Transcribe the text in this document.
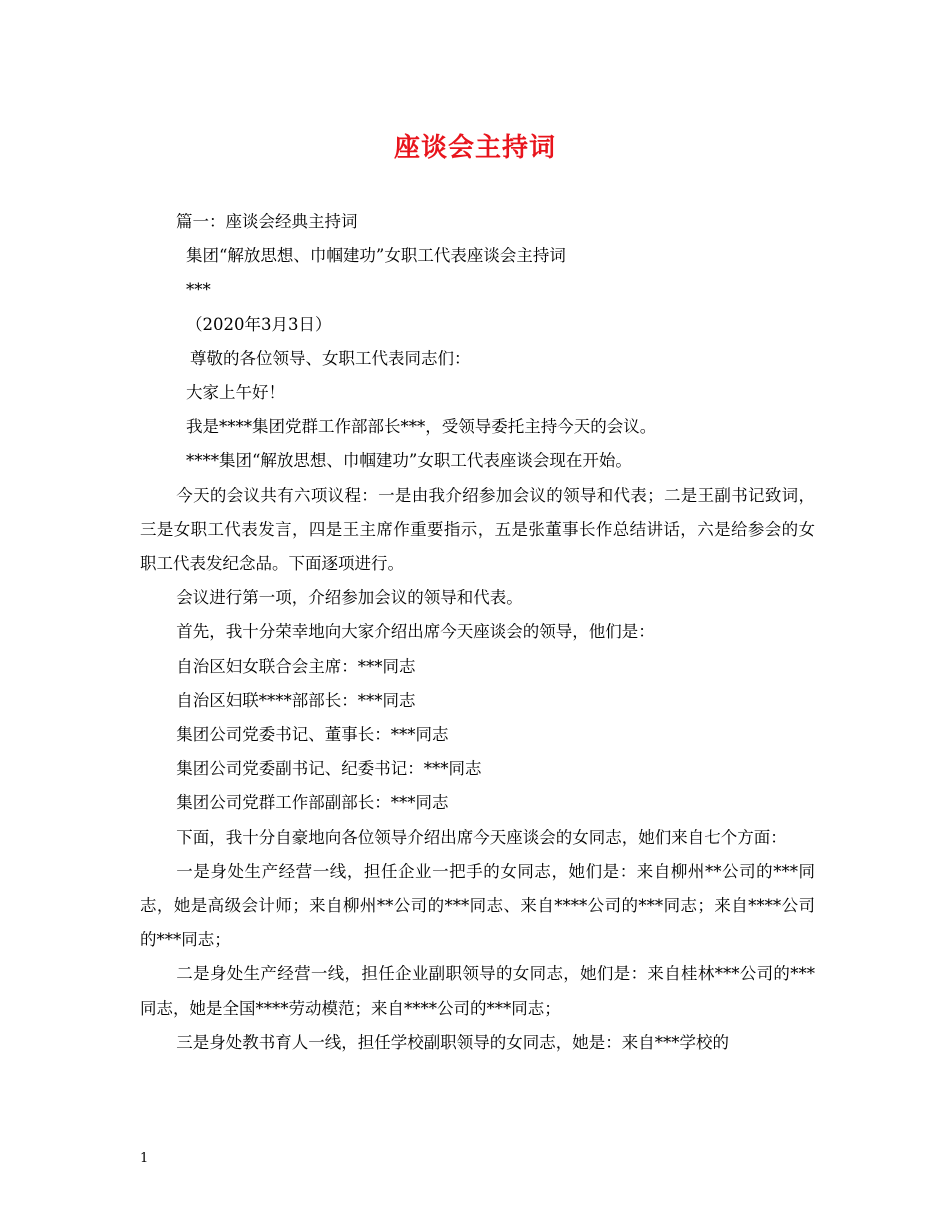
座谈会主持词

篇一：座谈会经典主持词

集团“解放思想、巾帼建功”女职工代表座谈会主持词

***

（2020年3月3日）

尊敬的各位领导、女职工代表同志们：

大家上午好！

我是****集团党群工作部部长***，受领导委托主持今天的会议。

****集团“解放思想、巾帼建功”女职工代表座谈会现在开始。

今天的会议共有六项议程：一是由我介绍参加会议的领导和代表；二是王副书记致词，三是女职工代表发言，四是王主席作重要指示，五是张董事长作总结讲话，六是给参会的女职工代表发纪念品。下面逐项进行。

会议进行第一项，介绍参加会议的领导和代表。

首先，我十分荣幸地向大家介绍出席今天座谈会的领导，他们是：

自治区妇女联合会主席：***同志

自治区妇联****部部长：***同志

集团公司党委书记、董事长：***同志

集团公司党委副书记、纪委书记：***同志

集团公司党群工作部副部长：***同志

下面，我十分自豪地向各位领导介绍出席今天座谈会的女同志，她们来自七个方面：

一是身处生产经营一线，担任企业一把手的女同志，她们是：来自柳州**公司的***同志，她是高级会计师；来自柳州**公司的***同志、来自****公司的***同志；来自****公司的***同志；

二是身处生产经营一线，担任企业副职领导的女同志，她们是：来自桂林***公司的***同志，她是全国****劳动模范；来自****公司的***同志；

三是身处教书育人一线，担任学校副职领导的女同志，她是：来自***学校的

1
